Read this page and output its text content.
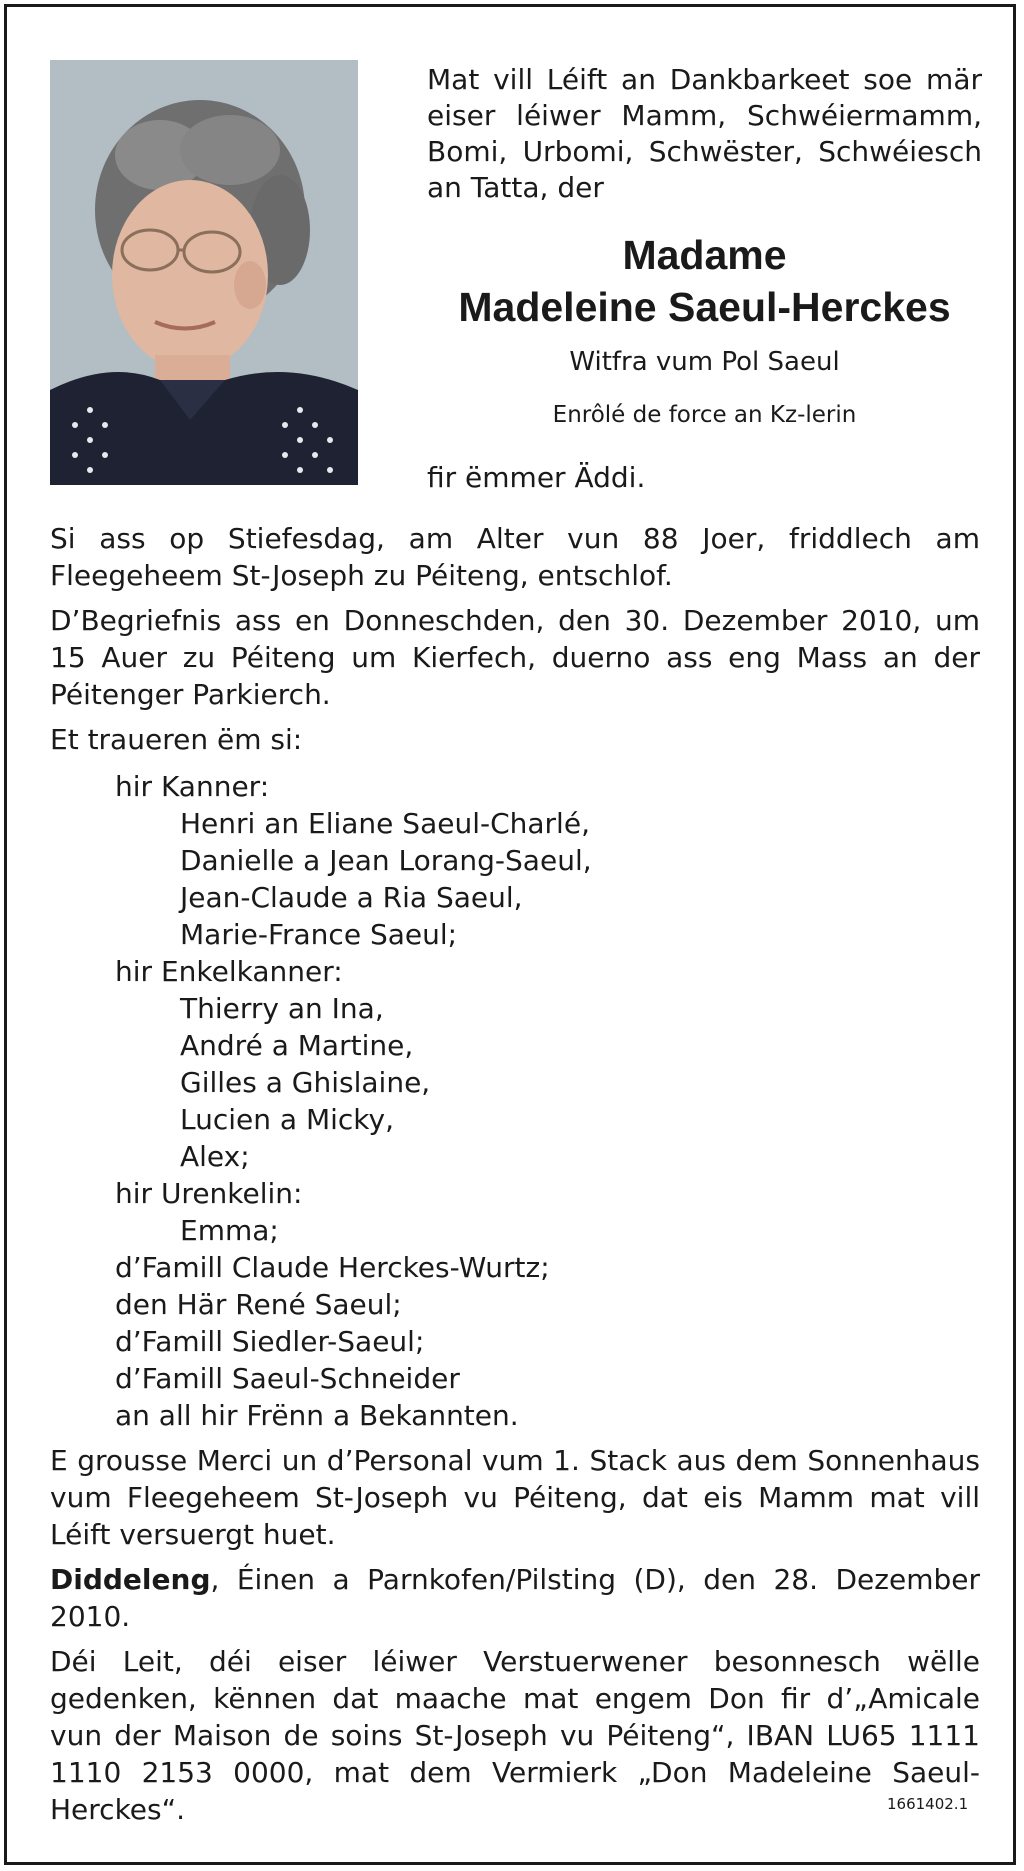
Mat vill Léift an Dankbarkeet soe mär eiser léiwer Mamm, Schwéiermamm, Bomi, Urbomi, Schwëster, Schwéiesch an Tatta, der
Madame
Madeleine Saeul-Herckes
Witfra vum Pol Saeul
Enrôlé de force an Kz-lerin
fir ëmmer Äddi.

Si ass op Stiefesdag, am Alter vun 88 Joer, friddlech am Fleegeheem St-Joseph zu Péiteng, entschlof.

D’Begriefnis ass en Donneschden, den 30. Dezember 2010, um 15 Auer zu Péiteng um Kierfech, duerno ass eng Mass an der Péitenger Parkierch.

Et traueren ëm si:

hir Kanner:
Henri an Eliane Saeul-Charlé,
Danielle a Jean Lorang-Saeul,
Jean-Claude a Ria Saeul,
Marie-France Saeul;
hir Enkelkanner:
Thierry an Ina,
André a Martine,
Gilles a Ghislaine,
Lucien a Micky,
Alex;
hir Urenkelin:
Emma;
d’Famill Claude Herckes-Wurtz;
den Här René Saeul;
d’Famill Siedler-Saeul;
d’Famill Saeul-Schneider
an all hir Frënn a Bekannten.

E grousse Merci un d’Personal vum 1. Stack aus dem Sonnenhaus vum Fleegeheem St-Joseph vu Péiteng, dat eis Mamm mat vill Léift versuergt huet.

Diddeleng, Éinen a Parnkofen/Pilsting (D), den 28. Dezember 2010.

Déi Leit, déi eiser léiwer Verstuerwener besonnesch wëlle gedenken, kënnen dat maache mat engem Don fir d’„Amicale vun der Maison de soins St-Joseph vu Péiteng“, IBAN LU65 1111 1110 2153 0000, mat dem Vermierk „Don Madeleine Saeul-Herckes“.	1661402.1
